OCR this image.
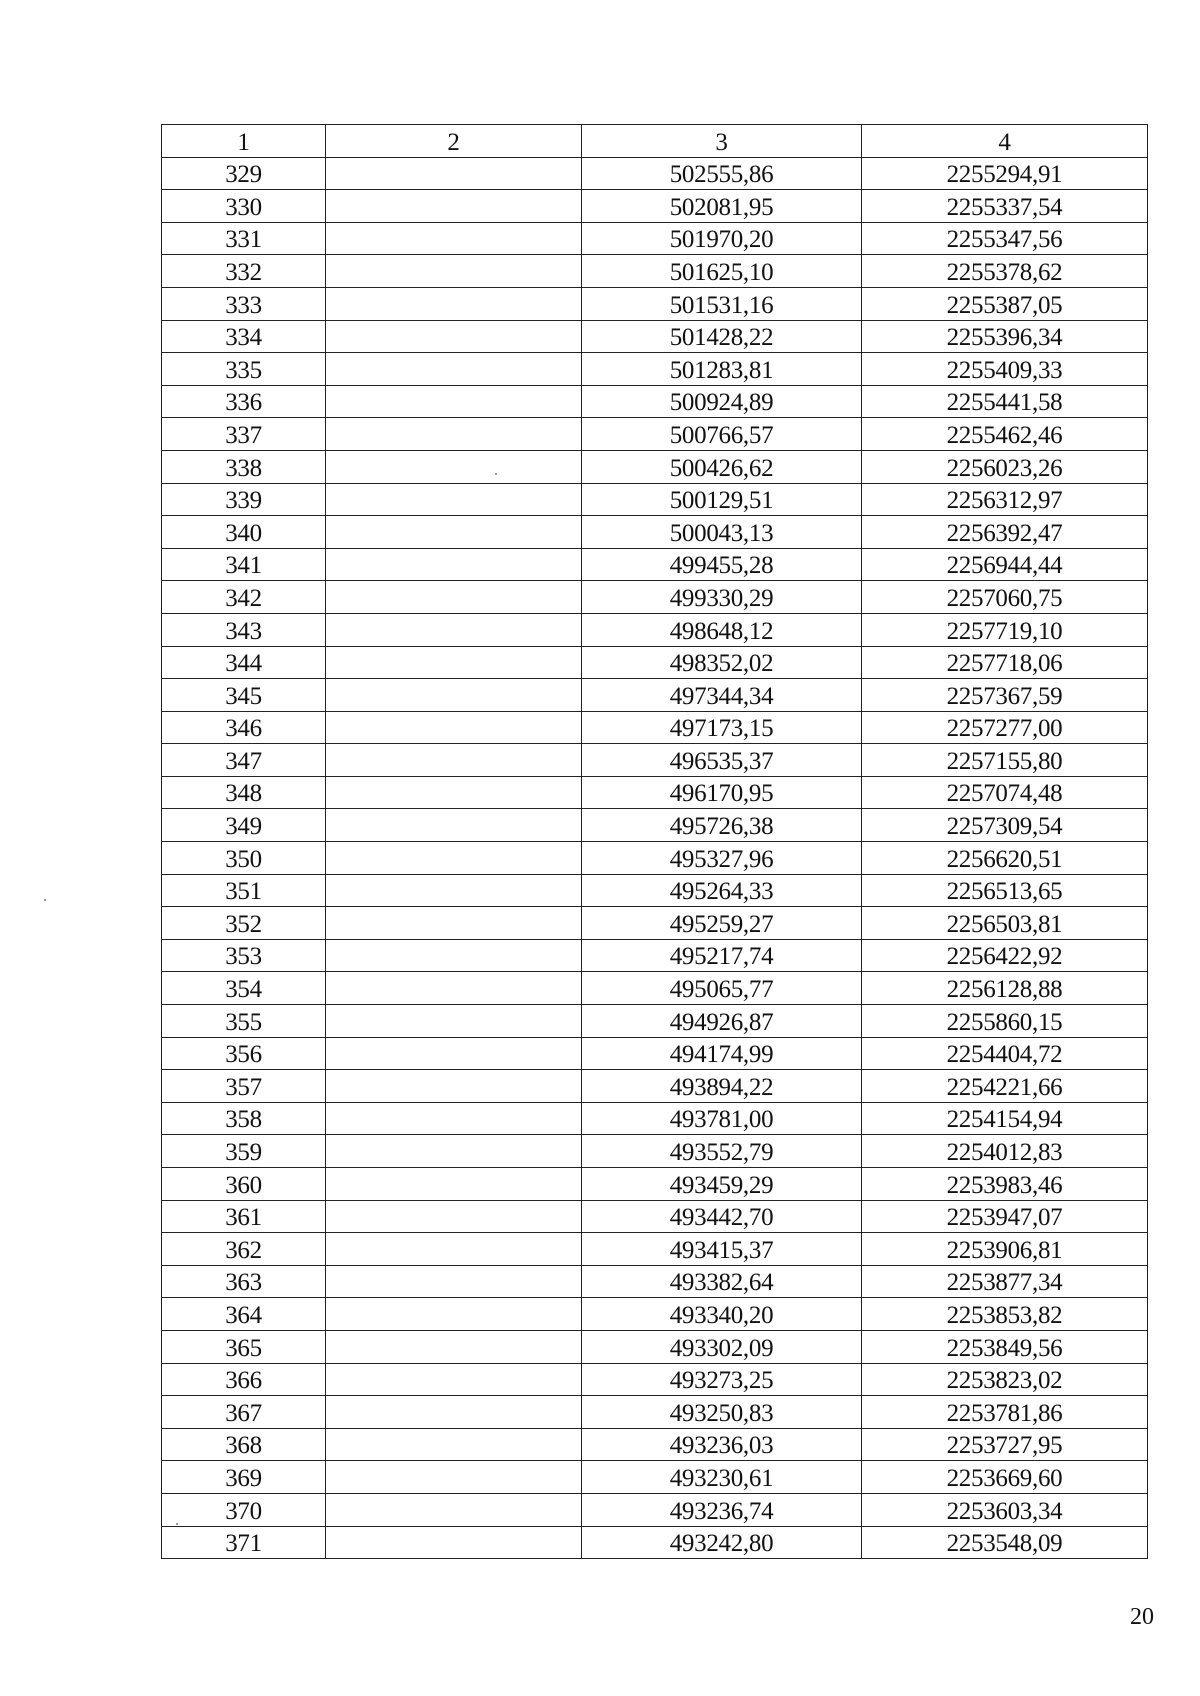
1	2	3	4
329		502555,86	2255294,91
330		502081,95	2255337,54
331		501970,20	2255347,56
332		501625,10	2255378,62
333		501531,16	2255387,05
334		501428,22	2255396,34
335		501283,81	2255409,33
336		500924,89	2255441,58
337		500766,57	2255462,46
338		500426,62	2256023,26
339		500129,51	2256312,97
340		500043,13	2256392,47
341		499455,28	2256944,44
342		499330,29	2257060,75
343		498648,12	2257719,10
344		498352,02	2257718,06
345		497344,34	2257367,59
346		497173,15	2257277,00
347		496535,37	2257155,80
348		496170,95	2257074,48
349		495726,38	2257309,54
350		495327,96	2256620,51
351		495264,33	2256513,65
352		495259,27	2256503,81
353		495217,74	2256422,92
354		495065,77	2256128,88
355		494926,87	2255860,15
356		494174,99	2254404,72
357		493894,22	2254221,66
358		493781,00	2254154,94
359		493552,79	2254012,83
360		493459,29	2253983,46
361		493442,70	2253947,07
362		493415,37	2253906,81
363		493382,64	2253877,34
364		493340,20	2253853,82
365		493302,09	2253849,56
366		493273,25	2253823,02
367		493250,83	2253781,86
368		493236,03	2253727,95
369		493230,61	2253669,60
370		493236,74	2253603,34
371		493242,80	2253548,09
20
